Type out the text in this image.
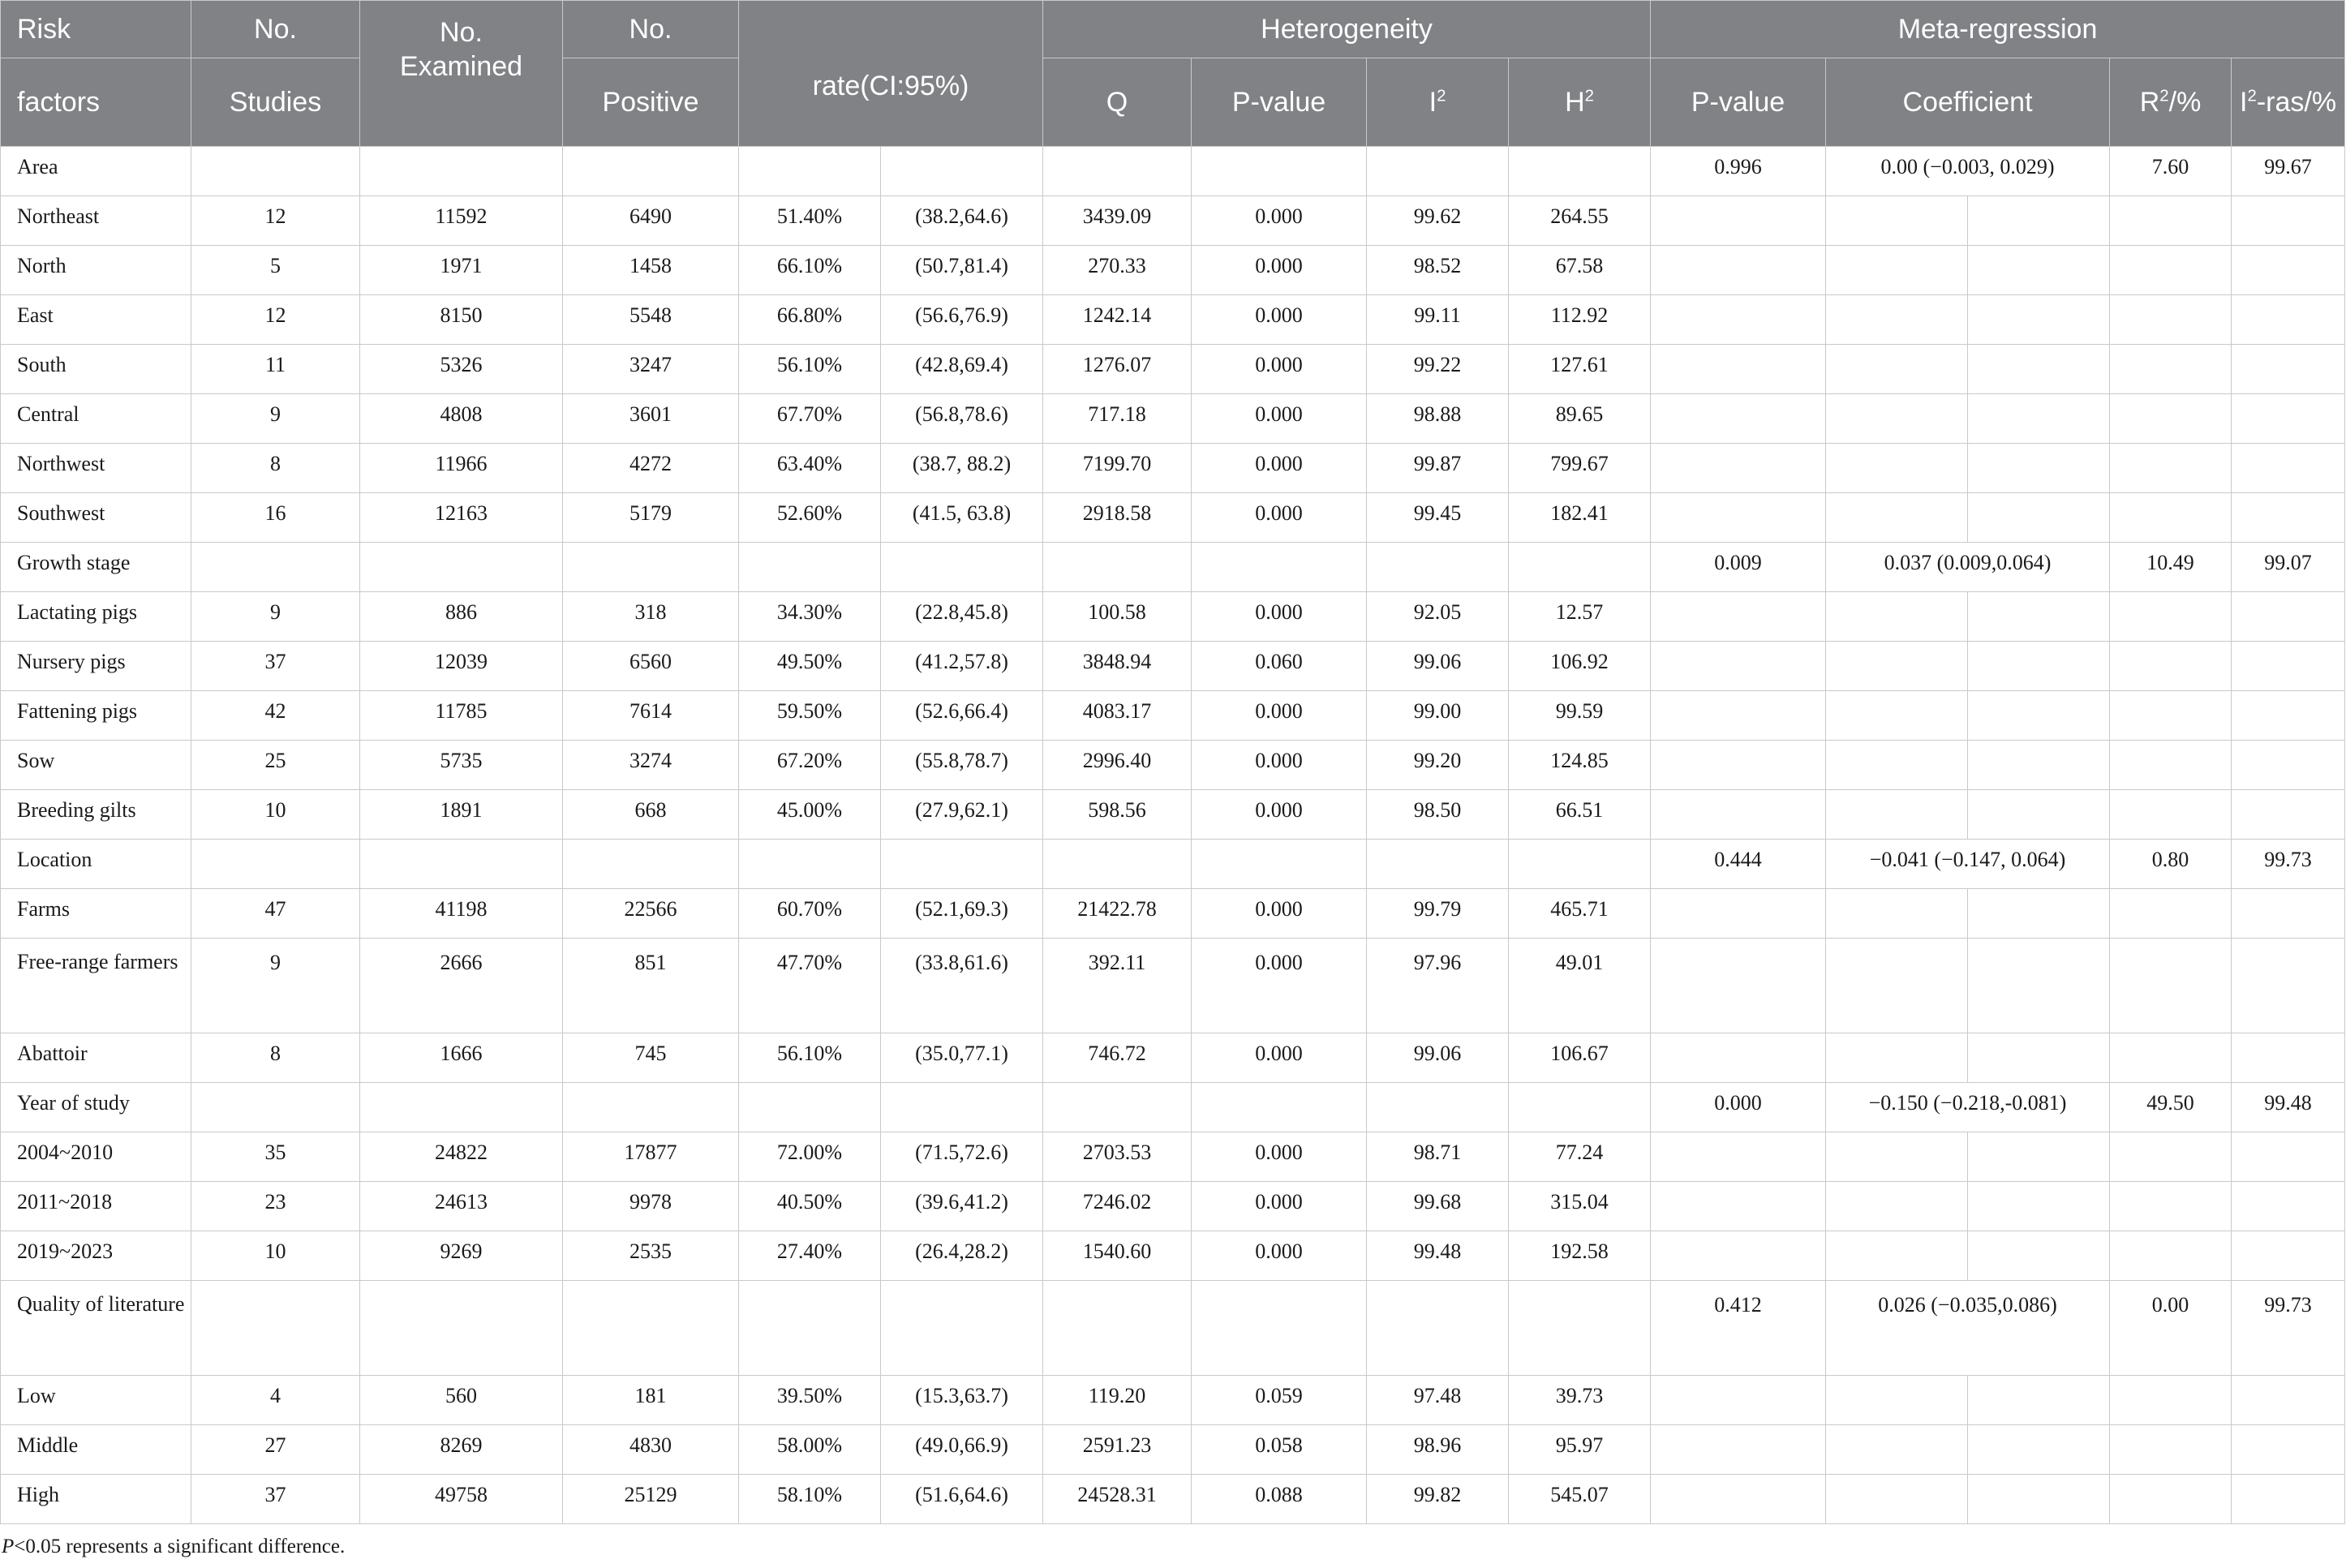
Risk	No.	No. Examined	No.	rate(CI:95%)		Heterogeneity				Meta-regression				
factors	Studies		Positive			Q	P-value	$I^2$	$H^2$	P-value	Coefficient		$R^2/\%$	$I^2-ras/\%$
Area										0.996	0.00 (−0.003, 0.029)		7.60	99.67
Northeast	12	11592	6490	51.40%	(38.2,64.6)	3439.09	0.000	99.62	264.55					
North	5	1971	1458	66.10%	(50.7,81.4)	270.33	0.000	98.52	67.58					
East	12	8150	5548	66.80%	(56.6,76.9)	1242.14	0.000	99.11	112.92					
South	11	5326	3247	56.10%	(42.8,69.4)	1276.07	0.000	99.22	127.61					
Central	9	4808	3601	67.70%	(56.8,78.6)	717.18	0.000	98.88	89.65					
Northwest	8	11966	4272	63.40%	(38.7, 88.2)	7199.70	0.000	99.87	799.67					
Southwest	16	12163	5179	52.60%	(41.5, 63.8)	2918.58	0.000	99.45	182.41					
Growth stage										0.009	0.037 (0.009,0.064)		10.49	99.07
Lactating pigs	9	886	318	34.30%	(22.8,45.8)	100.58	0.000	92.05	12.57					
Nursery pigs	37	12039	6560	49.50%	(41.2,57.8)	3848.94	0.060	99.06	106.92					
Fattening pigs	42	11785	7614	59.50%	(52.6,66.4)	4083.17	0.000	99.00	99.59					
Sow	25	5735	3274	67.20%	(55.8,78.7)	2996.40	0.000	99.20	124.85					
Breeding gilts	10	1891	668	45.00%	(27.9,62.1)	598.56	0.000	98.50	66.51					
Location										0.444	−0.041 (−0.147, 0.064)		0.80	99.73
Farms	47	41198	22566	60.70%	(52.1,69.3)	21422.78	0.000	99.79	465.71					
Free-range farmers	9	2666	851	47.70%	(33.8,61.6)	392.11	0.000	97.96	49.01					
Abattoir	8	1666	745	56.10%	(35.0,77.1)	746.72	0.000	99.06	106.67					
Year of study										0.000	−0.150 (−0.218,-0.081)		49.50	99.48
2004~2010	35	24822	17877	72.00%	(71.5,72.6)	2703.53	0.000	98.71	77.24					
2011~2018	23	24613	9978	40.50%	(39.6,41.2)	7246.02	0.000	99.68	315.04					
2019~2023	10	9269	2535	27.40%	(26.4,28.2)	1540.60	0.000	99.48	192.58					
Quality of literature										0.412	0.026 (−0.035,0.086)		0.00	99.73
Low	4	560	181	39.50%	(15.3,63.7)	119.20	0.059	97.48	39.73					
Middle	27	8269	4830	58.00%	(49.0,66.9)	2591.23	0.058	98.96	95.97					
High	37	49758	25129	58.10%	(51.6,64.6)	24528.31	0.088	99.82	545.07					
P<0.05 represents a significant difference.
